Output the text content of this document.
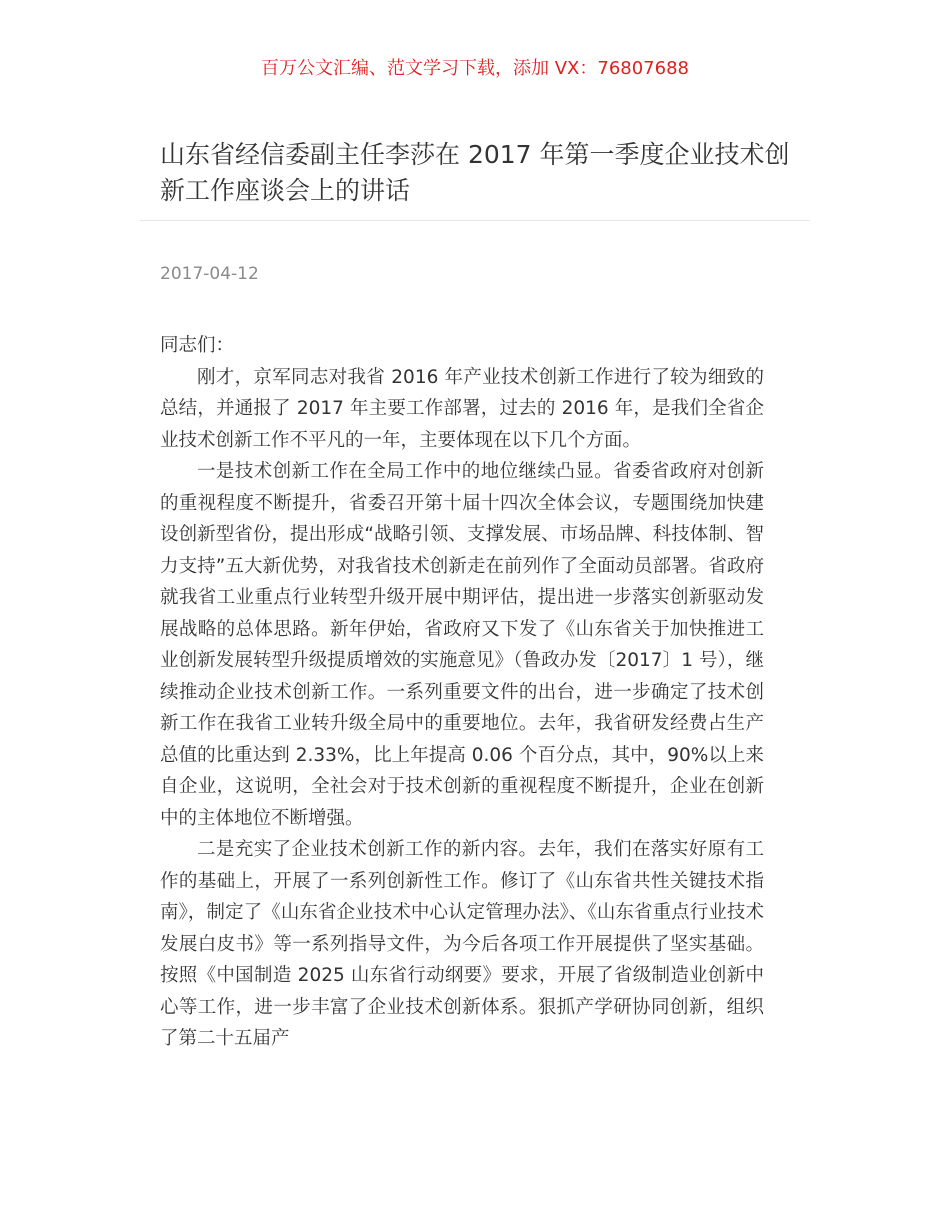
百万公文汇编、范文学习下载，添加 VX：76807688
山东省经信委副主任李莎在 2017 年第一季度企业技术创新工作座谈会上的讲话
2017-04-12

同志们：

刚才，京军同志对我省 2016 年产业技术创新工作进行了较为细致的总结，并通报了 2017 年主要工作部署，过去的 2016 年，是我们全省企业技术创新工作不平凡的一年，主要体现在以下几个方面。

一是技术创新工作在全局工作中的地位继续凸显。省委省政府对创新的重视程度不断提升，省委召开第十届十四次全体会议，专题围绕加快建设创新型省份，提出形成“战略引领、支撑发展、市场品牌、科技体制、智力支持”五大新优势，对我省技术创新走在前列作了全面动员部署。省政府就我省工业重点行业转型升级开展中期评估，提出进一步落实创新驱动发展战略的总体思路。新年伊始，省政府又下发了《山东省关于加快推进工业创新发展转型升级提质增效的实施意见》（鲁政办发〔2017〕1 号），继续推动企业技术创新工作。一系列重要文件的出台，进一步确定了技术创新工作在我省工业转升级全局中的重要地位。去年，我省研发经费占生产总值的比重达到 2.33%，比上年提高 0.06 个百分点，其中，90%以上来自企业，这说明，全社会对于技术创新的重视程度不断提升，企业在创新中的主体地位不断增强。

二是充实了企业技术创新工作的新内容。去年，我们在落实好原有工作的基础上，开展了一系列创新性工作。修订了《山东省共性关键技术指南》，制定了《山东省企业技术中心认定管理办法》、《山东省重点行业技术发展白皮书》等一系列指导文件，为今后各项工作开展提供了坚实基础。按照《中国制造 2025 山东省行动纲要》要求，开展了省级制造业创新中心等工作，进一步丰富了企业技术创新体系。狠抓产学研协同创新，组织了第二十五届产
